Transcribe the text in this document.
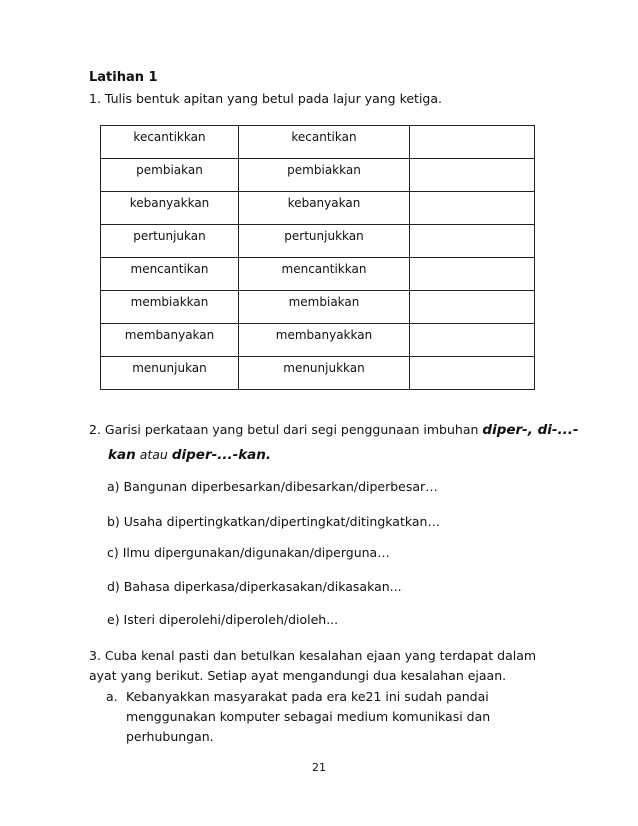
Latihan 1
1. Tulis bentuk apitan yang betul pada lajur yang ketiga.
kecantikkan	kecantikan	

pembiakan	pembiakkan	

kebanyakkan	kebanyakan	

pertunjukan	pertunjukkan	

mencantikan	mencantikkan	

membiakkan	membiakan	

membanyakan	membanyakkan	

menunjukan	menunjukkan	

2. Garisi perkataan yang betul dari segi penggunaan imbuhan diper-, di-...-
kan atau diper-...-kan.
a) Bangunan diperbesarkan/dibesarkan/diperbesar…
b) Usaha dipertingkatkan/dipertingkat/ditingkatkan…
c) Ilmu dipergunakan/digunakan/diperguna…
d) Bahasa diperkasa/diperkasakan/dikasakan...
e) Isteri diperolehi/diperoleh/dioleh...
3. Cuba kenal pasti dan betulkan kesalahan ejaan yang terdapat dalam ayat yang berikut. Setiap ayat mengandungi dua kesalahan ejaan.
a. Kebanyakkan masyarakat pada era ke21 ini sudah pandai menggunakan komputer sebagai medium komunikasi dan perhubungan.
21
